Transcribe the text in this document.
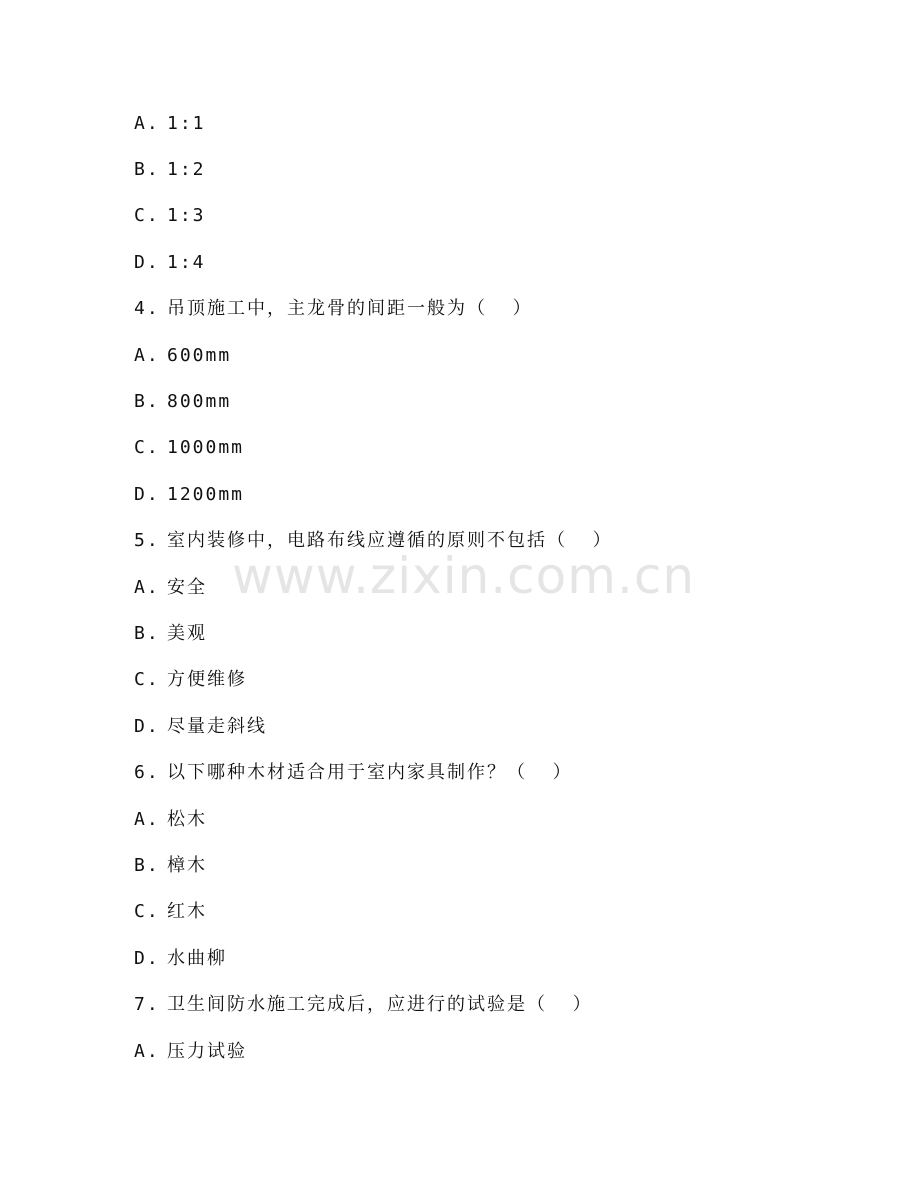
www.zixin.com.cn
A. 1:1
B. 1:2
C. 1:3
D. 1:4
4. 吊顶施工中，主龙骨的间距一般为（  ）
A. 600mm
B. 800mm
C. 1000mm
D. 1200mm
5. 室内装修中，电路布线应遵循的原则不包括（  ）
A. 安全
B. 美观
C. 方便维修
D. 尽量走斜线
6. 以下哪种木材适合用于室内家具制作？（  ）
A. 松木
B. 樟木
C. 红木
D. 水曲柳
7. 卫生间防水施工完成后，应进行的试验是（  ）
A. 压力试验
